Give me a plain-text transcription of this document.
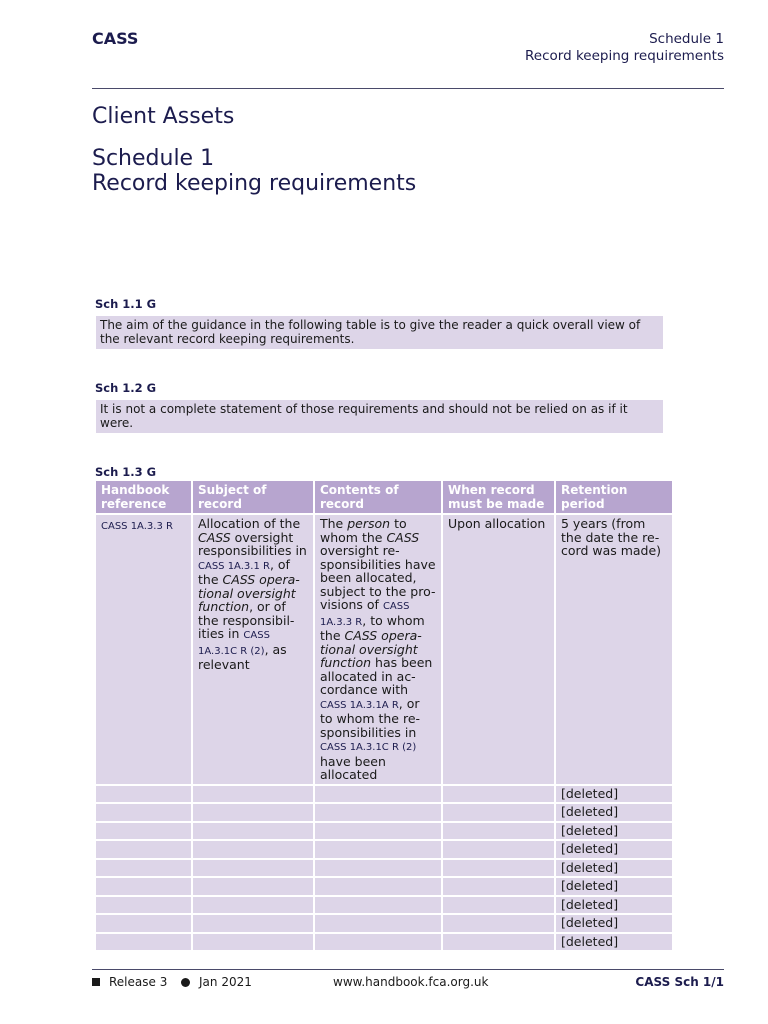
CASS	Schedule 1
Record keeping requirements
Client Assets
Schedule 1
Record keeping requirements
Sch 1.1 G
The aim of the guidance in the following table is to give the reader a quick overall view of the relevant record keeping requirements.
Sch 1.2 G
It is not a complete statement of those requirements and should not be relied on as if it were.
Sch 1.3 G
Handbook reference	Subject of record	Contents of record	When record must be made	Retention period
CASS 1A.3.3 R	Allocation of the CASS oversight responsibilities in CASS 1A.3.1 R, of the CASS opera-tional oversight function, or of the responsibil-ities in CASS 1A.3.1C R (2), as relevant	The person to whom the CASS oversight re-sponsibilities have been allocated, subject to the pro-visions of CASS 1A.3.3 R, to whom the CASS opera-tional oversight function has been allocated in ac-cordance with CASS 1A.3.1A R, or to whom the re-sponsibilities in CASS 1A.3.1C R (2) have been allocated	Upon allocation	5 years (from the date the re-cord was made)
				[deleted]
				[deleted]
				[deleted]
				[deleted]
				[deleted]
				[deleted]
				[deleted]
				[deleted]
				[deleted]
Release 3	Jan 2021	www.handbook.fca.org.uk	CASS Sch 1/1
